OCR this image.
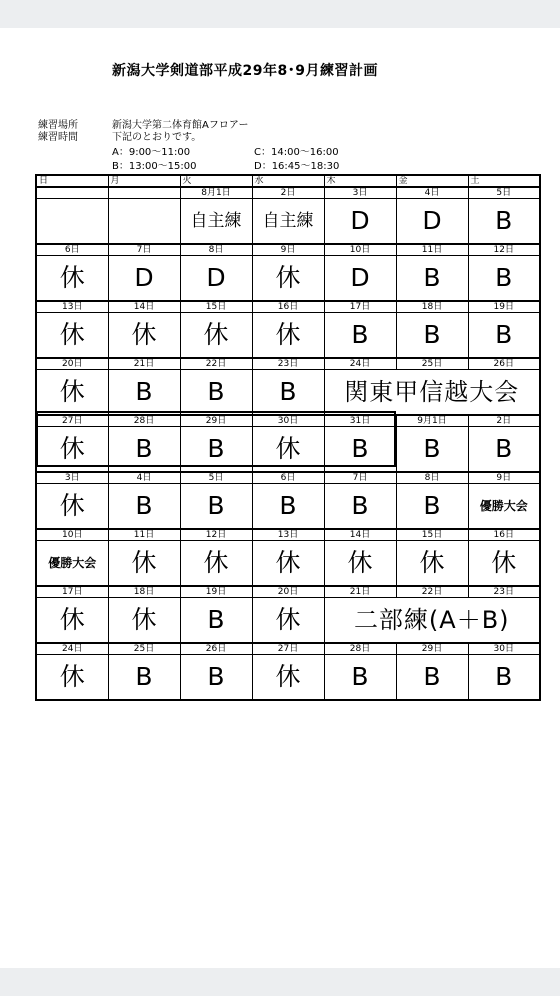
新潟大学剣道部平成29年8･9月練習計画
練習場所	新潟大学第二体育館Aフロアー
練習時間	下記のとおりです。
A：9:00～11:00	C：14:00～16:00
B：13:00～15:00	D：16:45～18:30
日	月	火	水	木	金	土
		8月1日	2日	3日	4日	5日
		自主練	自主練	D	D	B
6日	7日	8日	9日	10日	11日	12日
休	D	D	休	D	B	B
13日	14日	15日	16日	17日	18日	19日
休	休	休	休	B	B	B
20日	21日	22日	23日	24日	25日	26日
休	B	B	B	関東甲信越大会		
27日	28日	29日	30日	31日	9月1日	2日
休	B	B	休	B	B	B
3日	4日	5日	6日	7日	8日	9日
休	B	B	B	B	B	優勝大会
10日	11日	12日	13日	14日	15日	16日
優勝大会	休	休	休	休	休	休
17日	18日	19日	20日	21日	22日	23日
休	休	B	休	二部練(A＋B)		
24日	25日	26日	27日	28日	29日	30日
休	B	B	休	B	B	B
